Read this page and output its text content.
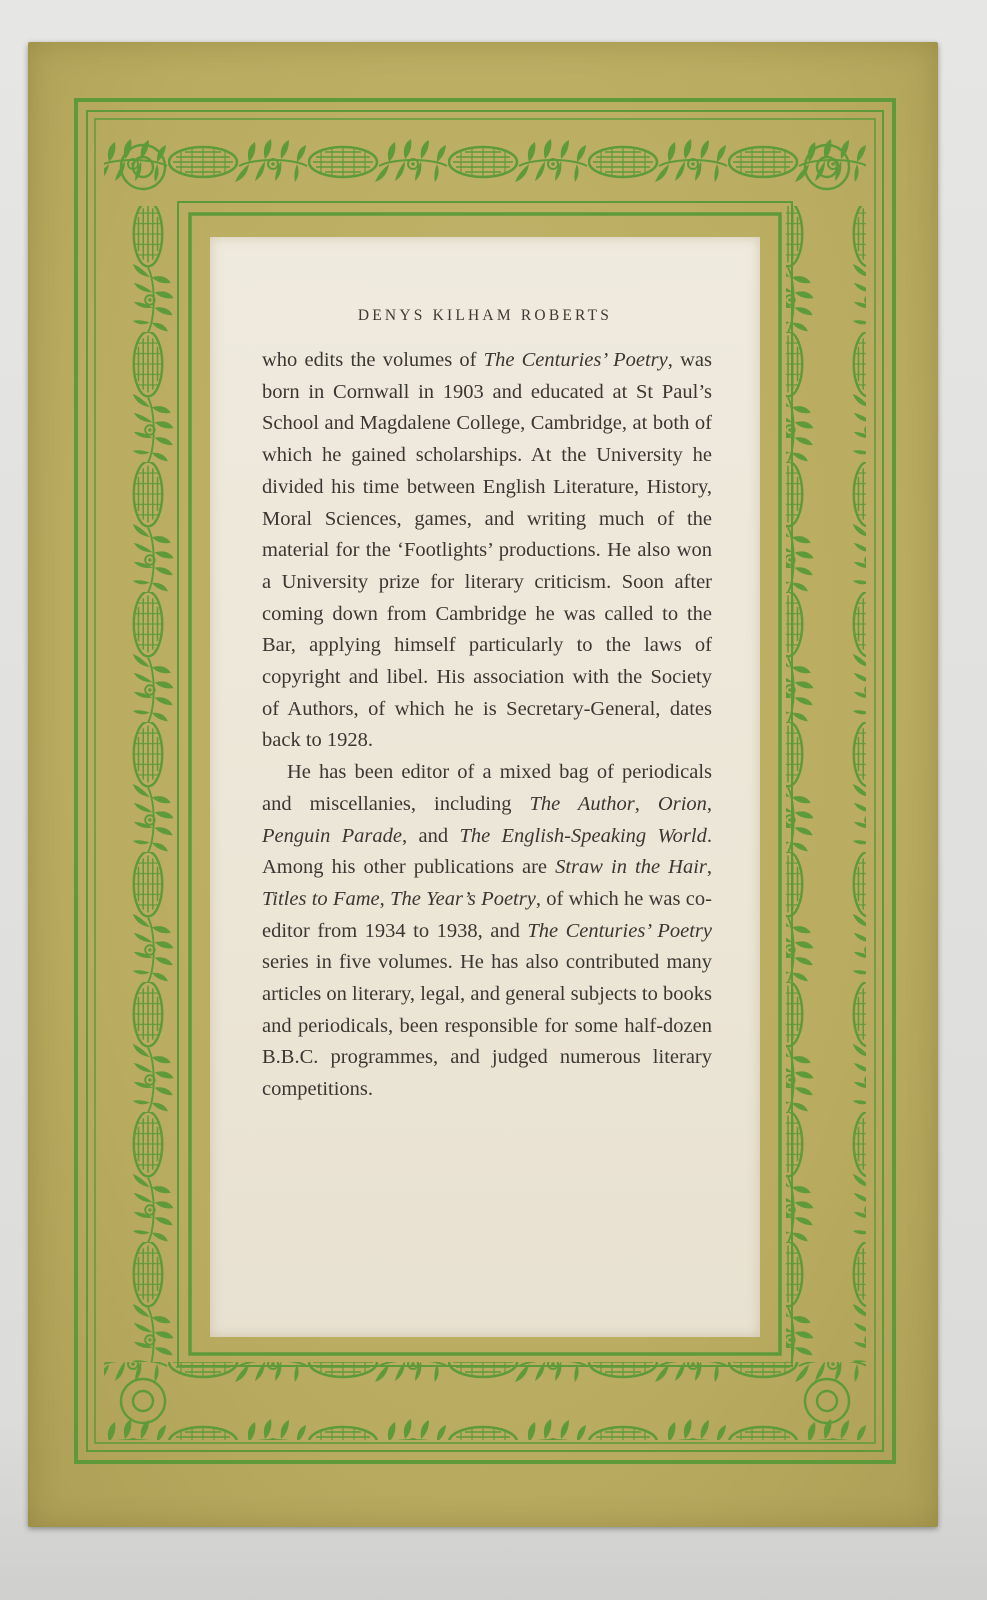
DENYS KILHAM ROBERTS

who edits the volumes of The Centuries’ Poetry, was born in Cornwall in 1903 and educated at St Paul’s School and Magdalene College, Cambridge, at both of which he gained scholarships. At the University he divided his time between English Literature, History, Moral Sciences, games, and writing much of the material for the ‘Footlights’ productions. He also won a University prize for literary criticism. Soon after coming down from Cambridge he was called to the Bar, applying himself particularly to the laws of copyright and libel. His association with the Society of Authors, of which he is Secretary-General, dates back to 1928.

He has been editor of a mixed bag of periodicals and miscellanies, including The Author, Orion, Penguin Parade, and The English-Speaking World. Among his other publications are Straw in the Hair, Titles to Fame, The Year’s Poetry, of which he was co-editor from 1934 to 1938, and The Centuries’ Poetry series in five volumes. He has also contributed many articles on literary, legal, and general subjects to books and periodicals, been responsible for some half-dozen B.B.C. programmes, and judged numerous literary competitions.
